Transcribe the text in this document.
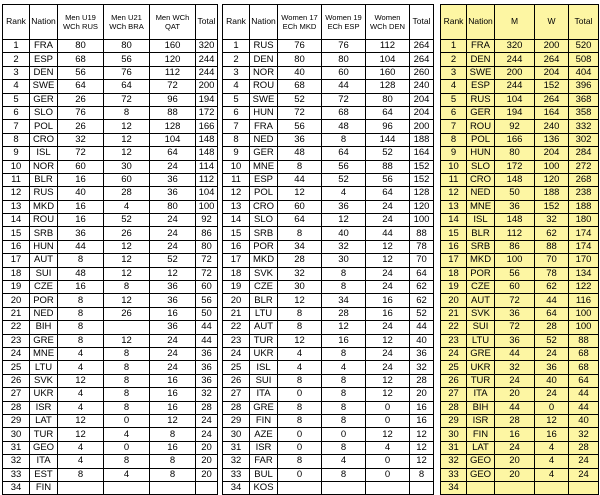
Rank	Nation	Men U19 WCh RUS	Men U21 WCh BRA	Men WCh QAT	Total
1	FRA	80	80	160	320
2	ESP	68	56	120	244
3	DEN	56	76	112	244
4	SWE	64	64	72	200
5	GER	26	72	96	194
6	SLO	76	8	88	172
7	POL	26	12	128	166
8	CRO	32	12	104	148
9	ISL	72	12	64	148
10	NOR	60	30	24	114
11	BLR	16	60	36	112
12	RUS	40	28	36	104
13	MKD	16	4	80	100
14	ROU	16	52	24	92
15	SRB	36	26	24	86
16	HUN	44	12	24	80
17	AUT	8	12	52	72
18	SUI	48	12	12	72
19	CZE	16	8	36	60
20	POR	8	12	36	56
21	NED	8	26	16	50
22	BIH	8		36	44
23	GRE	8	12	24	44
24	MNE	4	8	24	36
25	LTU	4	8	24	36
26	SVK	12	8	16	36
27	UKR	4	8	16	32
28	ISR	4	8	16	28
29	LAT	12	0	12	24
30	TUR	12	4	8	24
31	GEO	4	0	16	20
32	ITA	4	8	8	20
33	EST	8	4	8	20
34	FIN				
Rank	Nation	Women 17 ECh MKD	Women 19 ECh ESP	Women WCh DEN	Total
1	RUS	76	76	112	264
2	DEN	80	80	104	264
3	NOR	40	60	160	260
4	ROU	68	44	128	240
5	SWE	52	72	80	204
6	HUN	72	68	64	204
7	FRA	56	48	96	200
8	NED	36	8	144	188
9	GER	48	64	52	164
10	MNE	8	56	88	152
11	ESP	44	52	56	152
12	POL	12	4	64	128
13	CRO	60	36	24	120
14	SLO	64	12	24	100
15	SRB	8	40	44	88
16	POR	34	32	12	78
17	MKD	28	30	12	70
18	SVK	32	8	24	64
19	CZE	30	8	24	62
20	BLR	12	34	16	62
21	LTU	8	28	16	52
22	AUT	8	12	24	44
23	TUR	12	16	12	40
24	UKR	4	8	24	36
25	ISL	4	4	24	32
26	SUI	8	8	12	28
27	ITA	0	8	12	20
28	GRE	8	8	0	16
29	FIN	8	8	0	16
30	AZE	0	0	12	12
31	ISR	0	8	4	12
32	FAR	8	4	0	12
33	BUL	0	8	0	8
34	KOS				
Rank	Nation	M	W	Total
1	FRA	320	200	520
2	DEN	244	264	508
3	SWE	200	204	404
4	ESP	244	152	396
5	RUS	104	264	368
6	GER	194	164	358
7	ROU	92	240	332
8	POL	166	136	302
9	HUN	80	204	284
10	SLO	172	100	272
11	CRO	148	120	268
12	NED	50	188	238
13	MNE	36	152	188
14	ISL	148	32	180
15	BLR	112	62	174
16	SRB	86	88	174
17	MKD	100	70	170
18	POR	56	78	134
19	CZE	60	62	122
20	AUT	72	44	116
21	SVK	36	64	100
22	SUI	72	28	100
23	LTU	36	52	88
24	GRE	44	24	68
25	UKR	32	36	68
26	TUR	24	40	64
27	ITA	20	24	44
28	BIH	44	0	44
29	ISR	28	12	40
30	FIN	16	16	32
31	LAT	24	4	28
32	GEO	20	4	24
33	GEO	20	4	24
34				
